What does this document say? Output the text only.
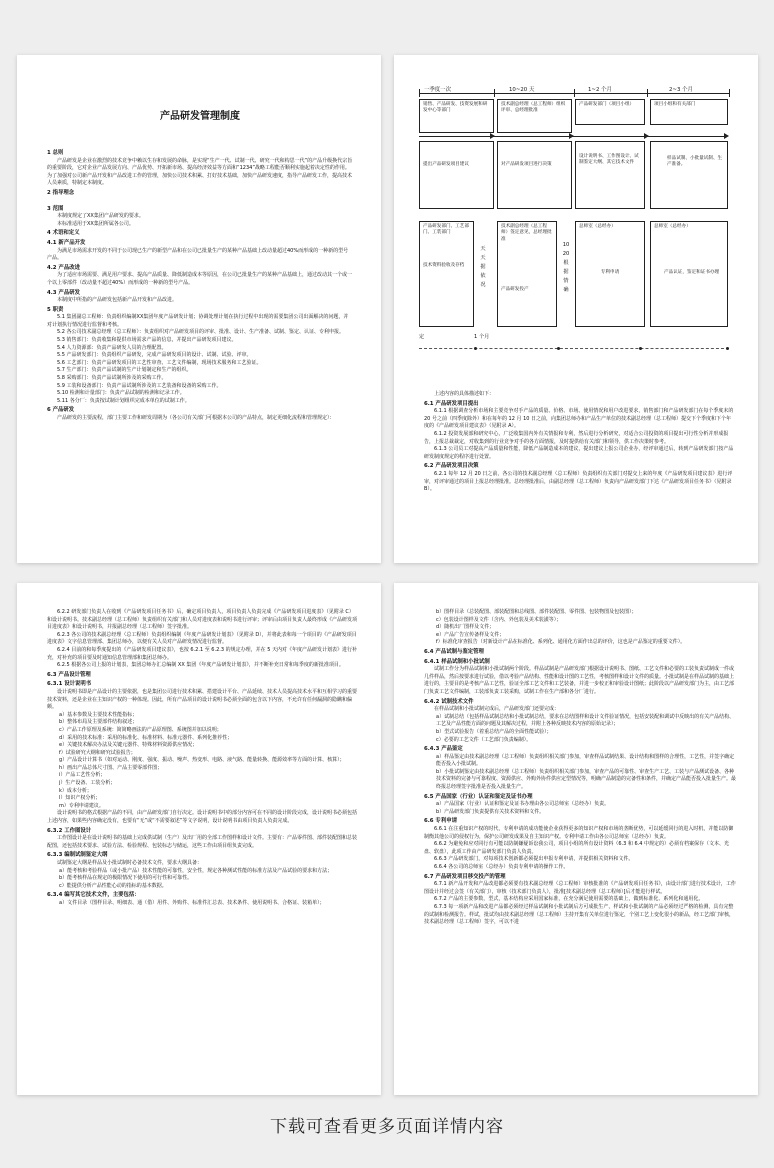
产品研发管理制度
1 总则
产品研发是企业在激烈的技术竞争中赖以生存和发展的命脉，是实现“生产一代、试制一代、研究一代和构思一代”的产品升级换代宗旨的重要阶段，它对企业产品发展方向、产品优势、开拓新市场、提高经济效益等方面和“1234”战略工程能否顺利实施起着决定性的作用。为了加强对公司新产品开发和产品改进工作的管理，加快公司技术积累、打好技术基础，加快产品研发速度，指导产品研发工作，提高技术人员素质，特制定本制度。
2 指导理念
3 范围
本制度规定了XX集团产品研发的要求。
本标准适用于XX集团所属各公司。
4 术语和定义
4.1 新产品开发
为满足市场需求开发的不同于公司现已生产的新型产品和在公司已批量生产的某种产品基础上改动量超过40%而形成的一种新的型号产品。
4.2 产品改进
为了适应市场需要、满足用户要求、提高产品质量、降低制造成本等原因，在公司已批量生产的某种产品基础上，通过改动其一个或一个以上零部件（改动量不超过40%）而形成的一种新的型号产品。
4.3 产品研发
本制度中所指的产品研发包括新产品开发和产品改进。
5 职责
5.1 集团副总工程师：负责组织编制XX集团年度产品研发计划；协调处理计划在执行过程中出现的需要集团公司出面解决的问题，并对计划执行情况进行监督和考核。
5.2 各公司技术副总经理（总工程师）：负责组织对产品研发项目的评审、批准、设计、生产准备、试制、鉴定、认证、专利申报。
5.3 销售部门：负责收集和提供市场需求产品的信息，并提出产品研发项目建议。
5.4 人力资源部：负责产品研发人员的合理配置。
5.5 产品研发部门：负责组织产品研发，完成产品研发项目的设计、试制、试验、评审。
5.6 工艺部门：负责产品研发项目的工艺性审查、工艺文件编制，现场技术服务和工艺验证。
5.7 生产部门：负责产品试制的生产计划制定和生产的组织。
5.8 采购部门：负责产品试制所涉及的采购工作。
5.9 工装和设备部门：负责产品试制所涉及的工艺装备和设备的采购工作。
5.10 检测和计量部门：负责产品试制的检测和记录工作。
5.11 各分厂：负责按试制计划组织完成本单位的试制工作。
6 产品研发
产品研发的主要流程，部门主要工作和研发周期为（各公司有关部门可根据本公司的产品特点，制定更细化流程和管理规定）：
一季度一次	10~20 天	1~2 个月	2~3 个月
销售、产品研发、技资发展和研发中心等部门
技术副总经理（总工程师）组织评审、总经理批准
产品研发部门（项目小组）	项目小组和有关部门
提出产品研发项目建议	对产品研发项目进行决策
设计说明书、工作图设计、试制鉴定大纲、其它技术文件
样品试制、小批量试制、生产准备。
产品研发部门、工艺部门、工装部门
技术资料验收及存档
天天据依况
技术副总经理（总工程师）签定意见，总经理批准
产品研发投产
10 20 根 据 情 确
总师室（总经办）
专利申请
总师室（总经办）
产品认证，鉴定和证书办理
定	1 个月
上述内容的具体描述如下：
6.1 产品研发项目提出
6.1.1 根据调查分析市场和主要竞争对手产品的质量、价格、市场、使用情况和用户改进要求，销售部门和产品研发部门在每个季度末的 20 号之前（四季度除外）和在每年的 12 月 10 日之前，向集团总师办和产品生产单位的技术副总经理（总工程师）提交下个季度和下个年度的《产品研发项目建议表》（见附录 A）。
6.1.2 投资发展部和研究中心，广泛收集国内外有关情报和专利，然后进行分析研究，对适合公司投资的项目提出可行性分析并形成报告，上报总裁裁定，对收集到的行业竞争对手的各方面情报，及时提供给有关部门和领导，供工作决策时参考。
6.1.3 公司员工对提高产品质量和性能，降低产品制造成本的建议，提出建议上报公司企业办，经评审通过后，转到产品研发部门按产品研发制度规定的程序进行处置。
6.2 产品研发项目决策
6.2.1 每年 12 月 20 日之前，各公司的技术副总经理（总工程师）负责组织有关部门对提交上来的年度《产品研发项目建议表》进行评审，对评审通过的项目上报总经理批准。总经理批准后，由副总经理（总工程师）负责向产品研发部门下达《产品研发项目任务书》（见附录 B）。
6.2.2 研发部门负责人在收到《产品研发项目任务书》后，确定项目负责人，项目负责人负责完成《产品研发项目进度表》（见附录 C）和设计说明书。技术副总经理（总工程师）负责组织有关部门和人员对进度表和说明书进行评审；评审后由项目负责人最终形成《产品研发项目进度表》和设计说明书，并报副总经理（总工程师）签字批准。
6.2.3 各公司的技术副总经理（总工程师）负责组织编制《年度产品研发计划表》（见附录 D），并将此表和每一个项目的《产品研发项目进度表》文字信息管理部、集团总师办，以便有关人员对产品研发情况进行监督。
6.2.4 目前的和每季度提出的《产品研发项目建议表》，也按 6.2.1 至 6.2.3 的规定办理，并在 5 天内对《年度产品研发计划表》进行补充，对补充的项目要及时通知信息管理部和集团总师办。
6.2.5 根据各公司上报的计划表，集团总师办汇总编制 XX 集团《年度产品研发计划表》，并不断补充日常和每季度的新批准项目。
6.3 产品设计管理
6.3.1 设计说明书
设计说明书即是产品设计的主要依据，也是集团公司进行技术积累、搭建设计平台、产品延续、技术人员提高技术水平和互相学习的重要技术资料，还是企业在主知识产权的一种体现。因此，所有产品项目的设计说明书必须全面的包含以下内容，不允许有任何漏洞的隐瞒和偏颇。
a）基本参数及主要技术性能指标；
b）整体布局及主要部件结构叙述；
c）产品工作原理及系统：简简略画法的产品原理图、系统图并加以说明；
d）采用的技术标准：采用的标准化、标准材料、标准元器件、系列化推荐性；
e）关键技术解决办法及关键元器件、特殊材料资源供应情况；
f）试验研究大纲和研究试验报告；
g）产品设计计算书（如对运动、刚度、强度、振动、噪声、热变形、电路、液气路、能量转换、能源效率等方面的计算、核算）；
h）画出产品总体尺寸图、产品主要零部件图；
i）产品工艺性分析；
j）生产设备、工装分析；
k）成本分析；
l）知识产权分析；
m）专利申请建议。
设计说明书的格式根据产品的不同，由产品研发部门自行决定。设计说明书中的部分内容可在不同的设计阶段完成，设计说明书必须包括上述内容，如果些内容确定没有，也要有“无”或“不需要叙述”等文字说明，设计说明书由项目负责人负责完成。
6.3.2 工作图设计
工作图设计是在设计说明书的基础上完成供试制（生产）及出厂用的全部工作图样和设计文件。主要有：产品零件图、部件装配图和总装配图，还包括技术要求、试验方法、检验规程、包装标志与储运，这些工作由项目组负责完成。
6.3.3 编制试制鉴定大纲
试制鉴定大纲是样品及小批试制时必备技术文件，要求大纲具备：
a）能考核和考验样品（或小批产品）技术性能的可靠性，安全性，规定各种测试性能的标准方法及产品试验的要求和方法；
b）能考核样品在规定的极限情况下使用的可行性和可靠性。
c）能提供分析产品性能心动的指标的基本数据。
6.3.4 编写其它技术文件，主要包括：
a）文件目录（图样目录、明细表、通（借）用件、外购件、标准件汇总表、技术条件、使用说明书、合格证、装箱单）；
b）图样目录（总装配图、部装配图和总线图、部件装配图、零件图、包装物图及包装图）；
c）包装设计图样及文件（含内、外包装及美术装潢等）；
d）随机出厂图样及文件；
e）产品广告宣传备样及文件；
f）标准化审查报告（对新设计产品在标准化、系列化、通用化方面作出总的评价，这也是产品鉴定的重要文件）。
6.4 产品试制与鉴定管理
6.4.1 样品试制和小批试制
试制工作分为样品试制和小批试制两个阶段。样品试制是产品研发部门根据设计说明书、图纸、工艺文件和必要的工装负责试制成一件或几件样品，然后按要求进行试验，借以考验产品结构、性能和设计图的工艺性，考核图样和设计文件的质量。小批试制是在样品试制的基础上进行的，主要目的是考核产品工艺性，验证全部工艺文件和工艺装备，并进一步校正和审验设计图纸；此阶段以产品研发部门为主，由工艺部门负责工艺文件编制，工装部负责工装采购，试制工作在生产部和各分厂进行。
6.4.2 试制技术文件
在样品试制和小批试制完成后，产品研发部门还要完成：
a）试制总结（包括样品试制总结和小批试制总结，要求在总结图样和设计文件验证情况，包括安装配和调试中反映出的有关产品结构、工艺及产品性能方面的问题及其解决过程，并附上各种反映技术内容的原始记录）；
b）型式试验报告（着重总结产品的全面性能试验）；
c）必要的工艺文件（工艺部门负责编制）。
6.4.3 产品鉴定
a）样品鉴定由技术副总经理（总工程师）负责组织相关部门参加，审查样品试制结果、设计结构和图样的合理性，工艺性，并签字确定能否投入小批试制。
b）小批试制鉴定由技术副总经理（总工程师）负责组织相关部门参加，审查产品的可靠性、审查生产工艺、工装与产品测试设备、各种技术资料的完备与可靠程度、资源供应、外购外协件供应定型情况等，明确产品制造的完备性和条件，并确定产品能否投入批量生产。最终报总经理签字批准是否投入批量生产。
6.5 产品国家（行业）认证和鉴定及证书办理
a）产品国家（行业）认证和鉴定及证书办理由各公司总师室（总经办）负责。
b）产品研发部门负责提供有关技术资料和文件。
6.6 专利申请
6.6.1 在注重知识产权的时代，专利申请的成功能使企业获得更多的知识产权和市场的垄断优势，可以延缓同行的进入时机，并能以防御制衡其他公司的侵权行为，保护公司研发成果及自主知识产权。专利申请工作由各公司总师室（总经办）负责。
6.6.2 为避免和应对同行有可能以防制嫌疑诉讼我公司，项目小组的所有设计资料（6.3 和 6.4 中规定的）必须有档案保存（文本、光盘、软盘），此项工作由产品研发部门负责人负责。
6.6.3 产品研发部门，对每项技术创新都必须提出申报专利申请，并提供相关资料和文件。
6.6.4 各公司的总师室（总经办）负责专利申请的操作工作。
6.7 产品研发项目移交投产的管理
6.7.1 新产品开发和产品改进都必须要有技术副总经理（总工程师）审核批准的《产品研发项目任务书》，由设计部门进行技术设计，工作图设计并经过会签（有关部门），审核（技术部门负责人），批准[技术副总经理（总工程师）]后才能进行样试。
6.7.2 产品的主要参数，型式，基本结构应采用国家标准，在充分满足使用需要的基础上，做到标准化、系列化和通用化。
6.7.3 每一项新产品和改进产品都必须经过样品试制和小批试制后方可成批生产，样试和小批试制的产品必须经过严格的检测，具有完整的试制和检测报告。样试，批试均由技术副总经理（总工程师）主持开集有关单位进行鉴定，个别工艺上变化很小的新品，经工艺部门审核，技术副总经理（总工程师）签字，可以不进
下载可查看更多页面详情内容
